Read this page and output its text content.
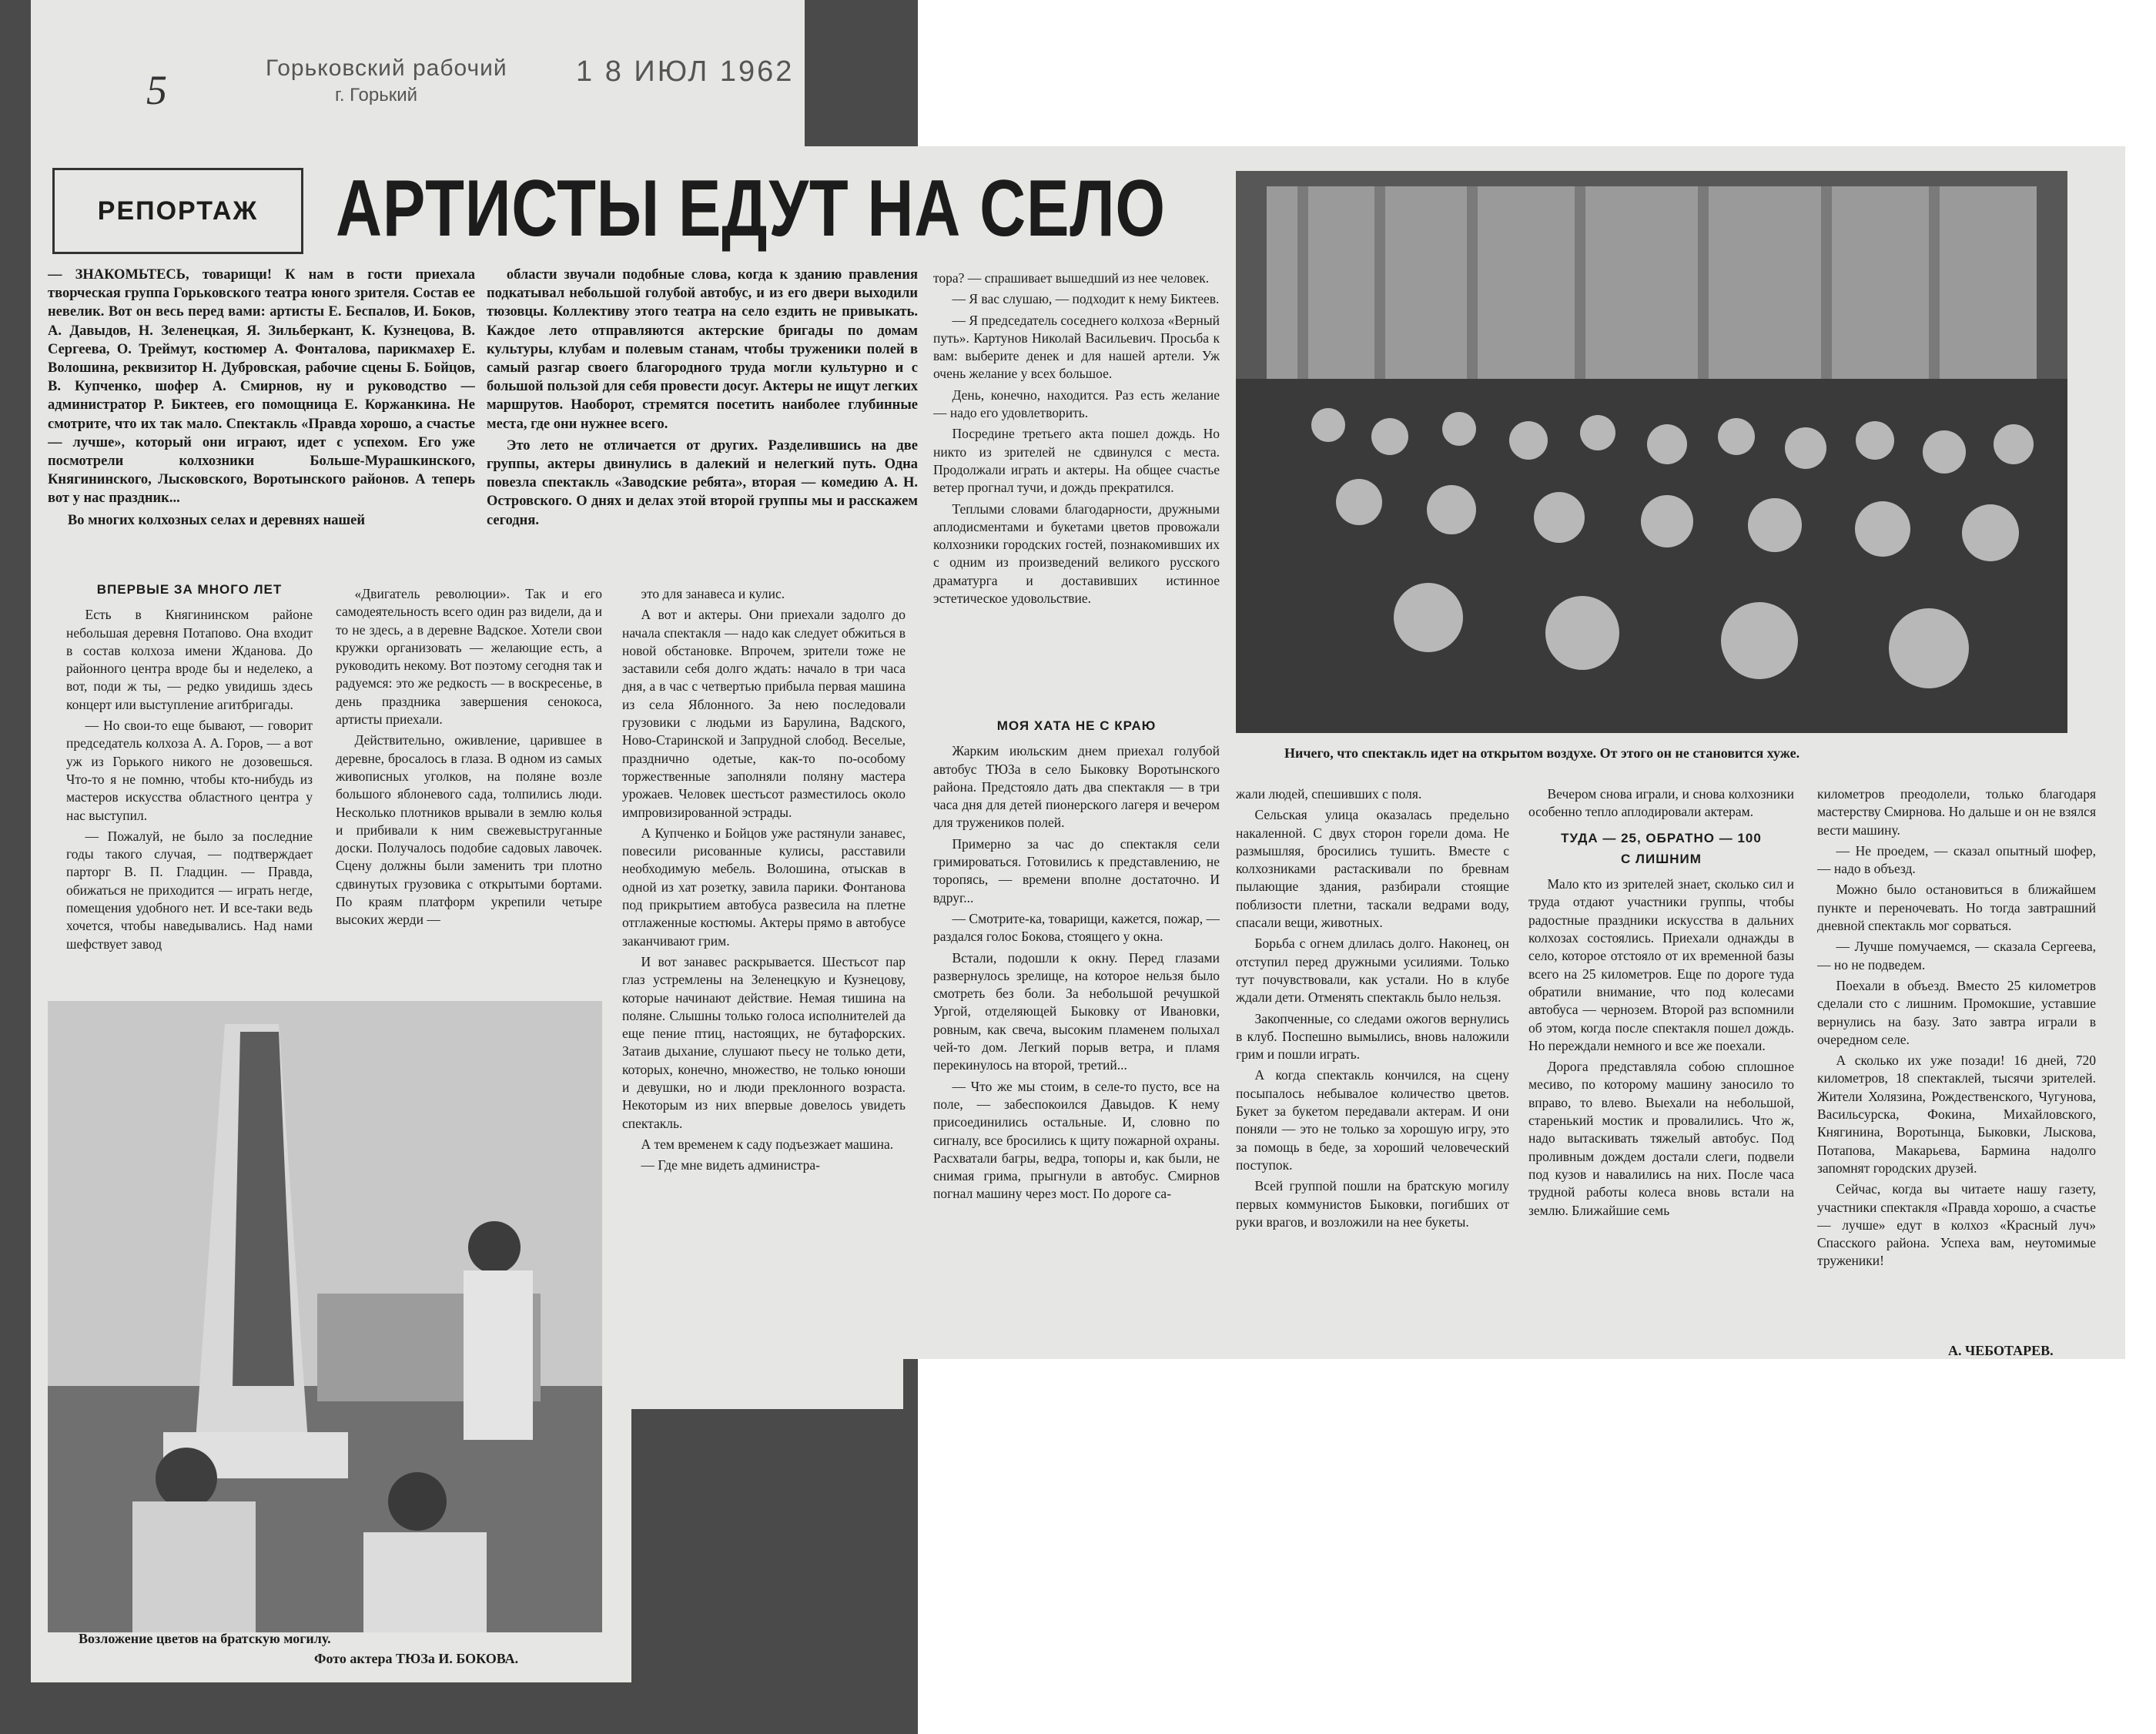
Горьковский рабочий
г. Горький
1 8 ИЮЛ 1962
5
РЕПОРТАЖ АРТИСТЫ ЕДУТ НА СЕЛО

— ЗНАКОМЬТЕСЬ, товарищи! К нам в гости приехала творческая группа Горьковского театра юного зрителя. Состав ее невелик. Вот он весь перед вами: артисты Е. Беспалов, И. Боков, А. Давыдов, Н. Зеленецкая, Я. Зильберкант, К. Кузнецова, В. Сергеева, О. Треймут, костюмер А. Фонталова, парикмахер Е. Волошина, реквизитор Н. Дубровская, рабочие сцены Б. Бойцов, В. Купченко, шофер А. Смирнов, ну и руководство — администратор Р. Биктеев, его помощница Е. Коржанкина. Не смотрите, что их так мало. Спектакль «Правда хорошо, а счастье — лучше», который они играют, идет с успехом. Его уже посмотрели колхозники Большe-Мурашкинского, Княгининского, Лысковского, Воротынского районов. А теперь вот у нас праздник...

Во многих колхозных селах и деревнях нашей

области звучали подобные слова, когда к зданию правления подкатывал небольшой голубой автобус, и из его двери выходили тюзовцы. Коллективу этого театра на село ездить не привыкать. Каждое лето отправляются актерские бригады по домам культуры, клубам и полевым станам, чтобы труженики полей в самый разгар своего благородного труда могли культурно и с большой пользой для себя провести досуг. Актеры не ищут легких маршрутов. Наоборот, стремятся посетить наиболее глубинные места, где они нужнее всего.

Это лето не отличается от других. Разделившись на две группы, актеры двинулись в далекий и нелегкий путь. Одна повезла спектакль «Заводские ребята», вторая — комедию А. Н. Островского. О днях и делах этой второй группы мы и расскажем сегодня.

ВПЕРВЫЕ ЗА МНОГО ЛЕТ

Есть в Княгининском районе небольшая деревня Потапово. Она входит в состав колхоза имени Жданова. До районного центра вроде бы и неделеко, а вот, поди ж ты, — редко увидишь здесь концерт или выступление агитбригады.

— Но свои-то еще бывают, — говорит председатель колхоза А. А. Горов, — а вот уж из Горького никого не дозовешься. Что-то я не помню, чтобы кто-нибудь из мастеров искусства областного центра у нас выступил.

— Пожалуй, не было за последние годы такого случая, — подтверждает парторг В. П. Гладцин. — Правда, обижаться не приходится — играть негде, помещения удобного нет. И все-таки ведь хочется, чтобы наведывались. Над нами шефствует завод

«Двигатель революции». Так и его самодеятельность всего один раз видели, да и то не здесь, а в деревне Вадское. Хотели свои кружки организовать — желающие есть, а руководить некому. Вот поэтому сегодня так и радуемся: это же редкость — в воскресенье, в день праздника завершения сенокоса, артисты приехали.

Действительно, оживление, царившее в деревне, бросалось в глаза. В одном из самых живописных уголков, на поляне возле большого яблоневого сада, толпились люди. Несколько плотников врывали в землю колья и прибивали к ним свежевыструганные доски. Получалось подобие садовых лавочек. Сцену должны были заменить три плотно сдвинутых грузовика с открытыми бортами. По краям платформ укрепили четыре высоких жерди —

это для занавеса и кулис.

А вот и актеры. Они приехали задолго до начала спектакля — надо как следует обжиться в новой обстановке. Впрочем, зрители тоже не заставили себя долго ждать: начало в три часа дня, а в час с четвертью прибыла первая машина из села Яблонного. За нею последовали грузовики с людьми из Барулина, Вадского, Ново-Старинской и Запрудной слобод. Веселые, празднично одетые, как-то по-особому торжественные заполняли поляну мастера урожаев. Человек шестьсот разместилось около импровизированной эстрады.

А Купченко и Бойцов уже растянули занавес, повесили рисованные кулисы, расставили необходимую мебель. Волошина, отыскав в одной из хат розетку, завила парики. Фонтанова под прикрытием автобуса развесила на плетне отглаженные костюмы. Актеры прямо в автобусе заканчивают грим.

И вот занавес раскрывается. Шестьсот пар глаз устремлены на Зеленецкую и Кузнецову, которые начинают действие. Немая тишина на поляне. Слышны только голоса исполнителей да еще пение птиц, настоящих, не бутафорских. Затаив дыхание, слушают пьесу не только дети, которых, конечно, множество, не только юноши и девушки, но и люди преклонного возраста. Некоторым из них впервые довелось увидеть спектакль.

А тем временем к саду подъезжает машина.

— Где мне видеть администра-

тора? — спрашивает вышедший из нее человек.

— Я вас слушаю, — подходит к нему Биктеев.

— Я председатель соседнего колхоза «Верный путь». Картунов Николай Васильевич. Просьба к вам: выберите денек и для нашей артели. Уж очень желание у всех большое.

День, конечно, находится. Раз есть желание — надо его удовлетворить.

Посредине третьего акта пошел дождь. Но никто из зрителей не сдвинулся с места. Продолжали играть и актеры. На общее счастье ветер прогнал тучи, и дождь прекратился.

Теплыми словами благодарности, дружными аплодисментами и букетами цветов провожали колхозники городских гостей, познакомивших их с одним из произведений великого русского драматурга и доставивших истинное эстетическое удовольствие.

МОЯ ХАТА НЕ С КРАЮ

Жарким июльским днем приехал голубой автобус ТЮЗа в село Быковку Воротынского района. Предстояло дать два спектакля — в три часа дня для детей пионерского лагеря и вечером для тружеников полей.

Примерно за час до спектакля сели гримироваться. Готовились к представлению, не торопясь, — времени вполне достаточно. И вдруг...

— Смотрите-ка, товарищи, кажется, пожар, — раздался голос Бокова, стоящего у окна.

Встали, подошли к окну. Перед глазами развернулось зрелище, на которое нельзя было смотреть без боли. За небольшой речушкой Ургой, отделяющей Быковку от Ивановки, ровным, как свеча, высоким пламенем полыхал чей-то дом. Легкий порыв ветра, и пламя перекинулось на второй, третий...

— Что же мы стоим, в селе-то пусто, все на поле, — забеспокоился Давыдов. К нему присоединились остальные. И, словно по сигналу, все бросились к щиту пожарной охраны. Расхватали багры, ведра, топоры и, как были, не снимая грима, прыгнули в автобус. Смирнов погнал машину через мост. По дороге са-

жали людей, спешивших с поля.

Сельская улица оказалась предельно накаленной. С двух сторон горели дома. Не размышляя, бросились тушить. Вместе с колхозниками растаскивали по бревнам пылающие здания, разбирали стоящие поблизости плетни, таскали ведрами воду, спасали вещи, животных.

Борьба с огнем длилась долго. Наконец, он отступил перед дружными усилиями. Только тут почувствовали, как устали. Но в клубе ждали дети. Отменять спектакль было нельзя.

Закопченные, со следами ожогов вернулись в клуб. Поспешно вымылись, вновь наложили грим и пошли играть.

А когда спектакль кончился, на сцену посыпалось небывалое количество цветов. Букет за букетом передавали актерам. И они поняли — это не только за хорошую игру, это за помощь в беде, за хороший человеческий поступок.

Всей группой пошли на братскую могилу первых коммунистов Быковки, погибших от руки врагов, и возложили на нее букеты.

Вечером снова играли, и снова колхозники особенно тепло аплодировали актерам.

ТУДА — 25, ОБРАТНО — 100

С ЛИШНИМ

Мало кто из зрителей знает, сколько сил и труда отдают участники группы, чтобы радостные праздники искусства в дальних колхозах состоялись. Приехали однажды в село, которое отстояло от их временной базы всего на 25 километров. Еще по дороге туда обратили внимание, что под колесами автобуса — чернозем. Второй раз вспомнили об этом, когда после спектакля пошел дождь. Но переждали немного и все же поехали.

Дорога представляла собою сплошное месиво, по которому машину заносило то вправо, то влево. Выехали на небольшой, старенький мостик и провалились. Что ж, надо вытаскивать тяжелый автобус. Под проливным дождем достали слеги, подвели под кузов и навалились на них. После часа трудной работы колеса вновь встали на землю. Ближайшие семь

километров преодолели, только благодаря мастерству Смирнова. Но дальше и он не взялся вести машину.

— Не проедем, — сказал опытный шофер, — надо в объезд.

Можно было остановиться в ближайшем пункте и переночевать. Но тогда завтрашний дневной спектакль мог сорваться.

— Лучше помучаемся, — сказала Сергеева, — но не подведем.

Поехали в объезд. Вместо 25 километров сделали сто с лишним. Промокшие, уставшие вернулись на базу. Зато завтра играли в очередном селе.

А сколько их уже позади! 16 дней, 720 километров, 18 спектаклей, тысячи зрителей. Жители Холязина, Рождественского, Чугунова, Васильсурска, Фокина, Михайловского, Княгинина, Воротынца, Быковки, Лыскова, Потапова, Макарьева, Бармина надолго запомнят городских друзей.

Сейчас, когда вы читаете нашу газету, участники спектакля «Правда хорошо, а счастье — лучше» едут в колхоз «Красный луч» Спасского района. Успеха вам, неутомимые труженики!

А. ЧЕБОТАРЕВ.
Ничего, что спектакль идет на открытом воздухе. От этого он не становится хуже.
Возложение цветов на братскую могилу.
Фото актера ТЮЗа И. БОКОВА.
